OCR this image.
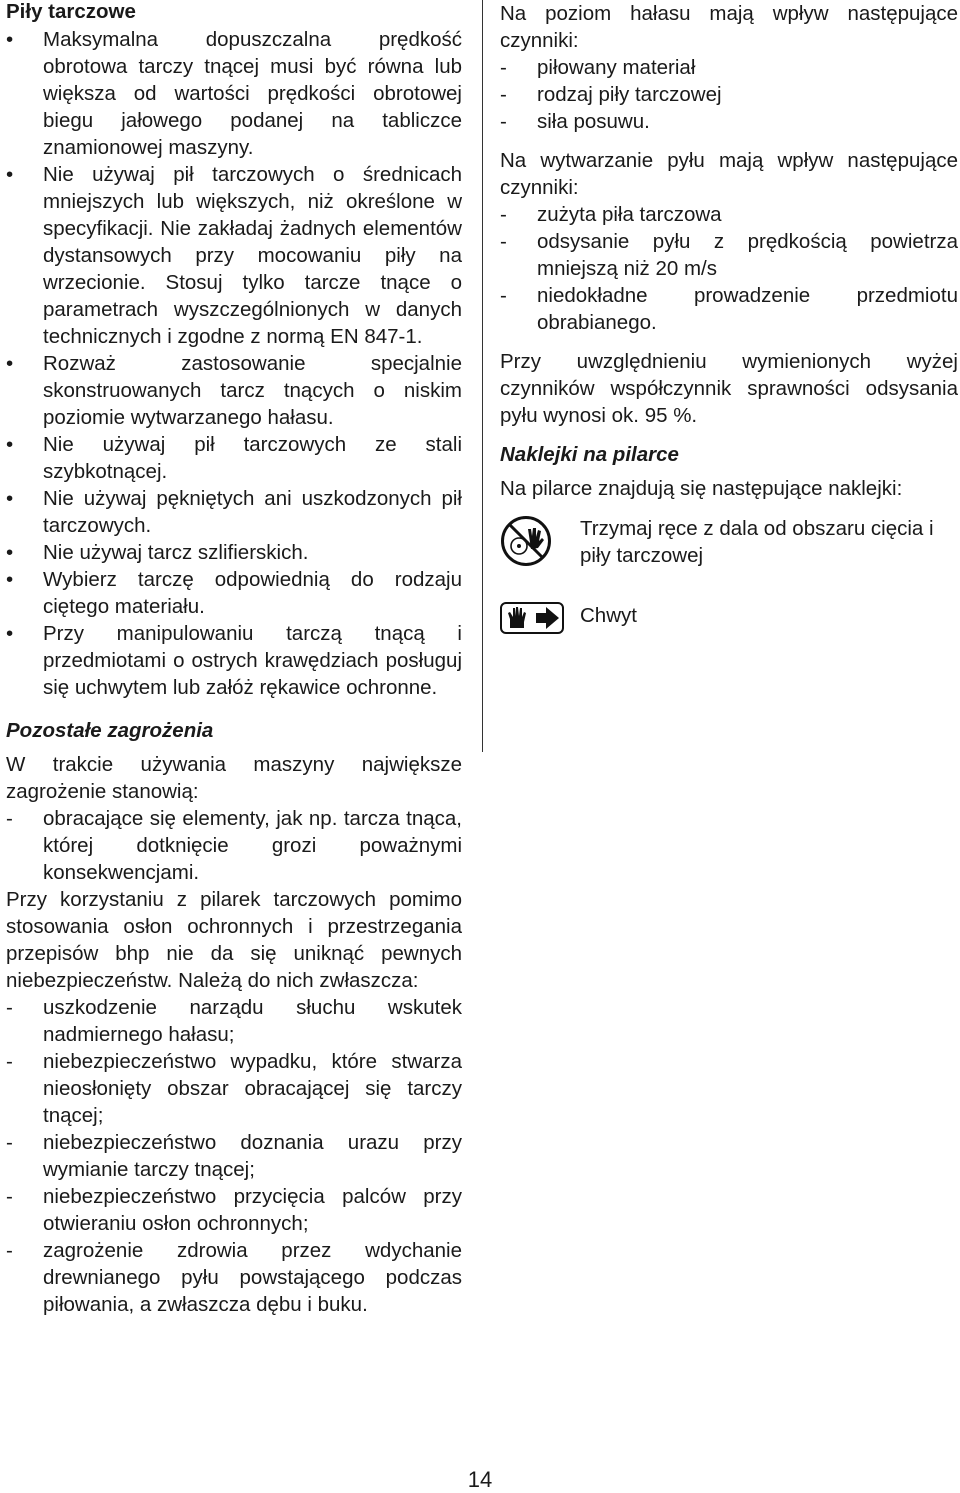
Piły tarczowe
• Maksymalna dopuszczalna prędkość obrotowa tarczy tnącej musi być równa lub większa od wartości prędkości obrotowej biegu jałowego podanej na tabliczce znamionowej maszyny.
• Nie używaj pił tarczowych o średnicach mniejszych lub większych, niż określone w specyfikacji. Nie zakładaj żadnych elementów dystansowych przy mocowaniu piły na wrzecionie. Stosuj tylko tarcze tnące o parametrach wyszczególnionych w danych technicznych i zgodne z normą EN 847-1.
• Rozważ zastosowanie specjalnie skonstruowanych tarcz tnących o niskim poziomie wytwarzanego hałasu.
• Nie używaj pił tarczowych ze stali szybkotnącej.
• Nie używaj pękniętych ani uszkodzonych pił tarczowych.
• Nie używaj tarcz szlifierskich.
• Wybierz tarczę odpowiednią do rodzaju ciętego materiału.
• Przy manipulowaniu tarczą tnącą i przedmiotami o ostrych krawędziach posługuj się uchwytem lub załóż rękawice ochronne.
Pozostałe zagrożenia

W trakcie używania maszyny największe zagrożenie stanowią:

- obracające się elementy, jak np. tarcza tnąca, której dotknięcie grozi poważnymi konsekwencjami.

Przy korzystaniu z pilarek tarczowych pomimo stosowania osłon ochronnych i przestrzegania przepisów bhp nie da się uniknąć pewnych niebezpieczeństw. Należą do nich zwłaszcza:

- uszkodzenie narządu słuchu wskutek nadmiernego hałasu;
- niebezpieczeństwo wypadku, które stwarza nieosłonięty obszar obracającej się tarczy tnącej;
- niebezpieczeństwo doznania urazu przy wymianie tarczy tnącej;
- niebezpieczeństwo przycięcia palców przy otwieraniu osłon ochronnych;
- zagrożenie zdrowia przez wdychanie drewnianego pyłu powstającego podczas piłowania, a zwłaszcza dębu i buku.

Na poziom hałasu mają wpływ następujące czynniki:

- piłowany materiał
- rodzaj piły tarczowej
- siła posuwu.

Na wytwarzanie pyłu mają wpływ następujące czynniki:

- zużyta piła tarczowa
- odsysanie pyłu z prędkością powietrza mniejszą niż 20 m/s
- niedokładne prowadzenie przedmiotu obrabianego.

Przy uwzględnieniu wymienionych wyżej czynników współczynnik sprawności odsysania pyłu wynosi ok. 95 %.

Naklejki na pilarce

Na pilarce znajdują się następujące naklejki:

Trzymaj ręce z dala od obszaru cięcia i piły tarczowej
Chwyt
14
